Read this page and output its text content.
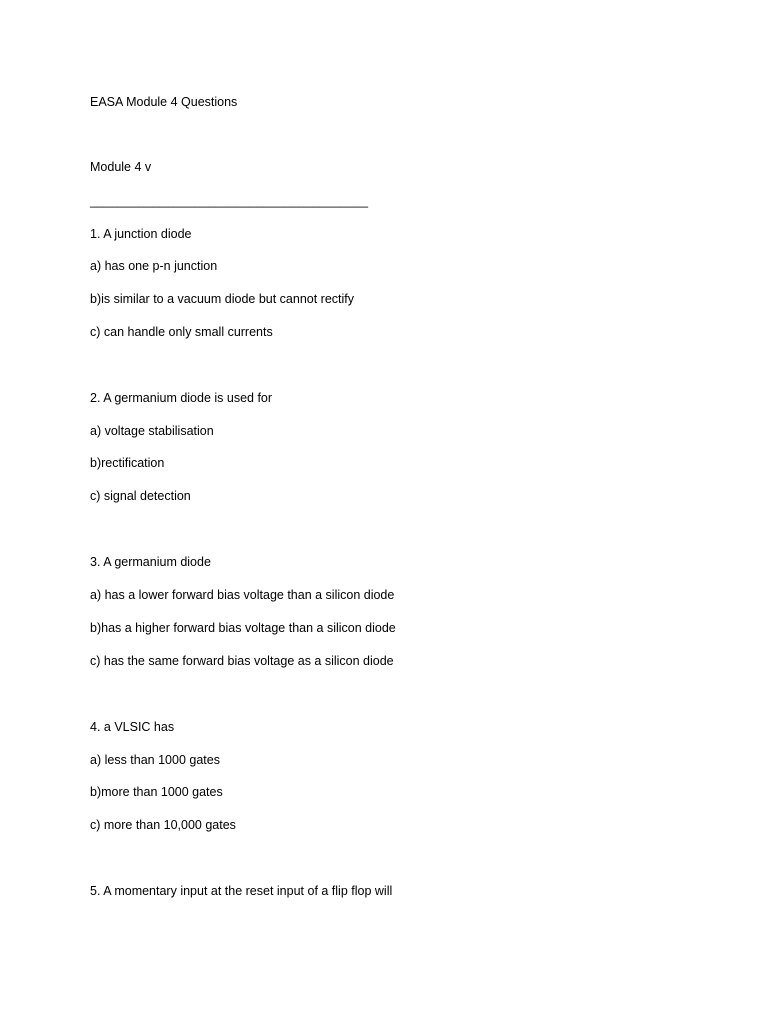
EASA Module 4 Questions
Module 4 v
________________________________________
1. A junction diode
a) has one p-n junction
b)is similar to a vacuum diode but cannot rectify
c) can handle only small currents
2. A germanium diode is used for
a) voltage stabilisation
b)rectification
c) signal detection
3. A germanium diode
a) has a lower forward bias voltage than a silicon diode
b)has a higher forward bias voltage than a silicon diode
c) has the same forward bias voltage as a silicon diode
4. a VLSIC has
a) less than 1000 gates
b)more than 1000 gates
c) more than 10,000 gates
5. A momentary input at the reset input of a flip flop will
